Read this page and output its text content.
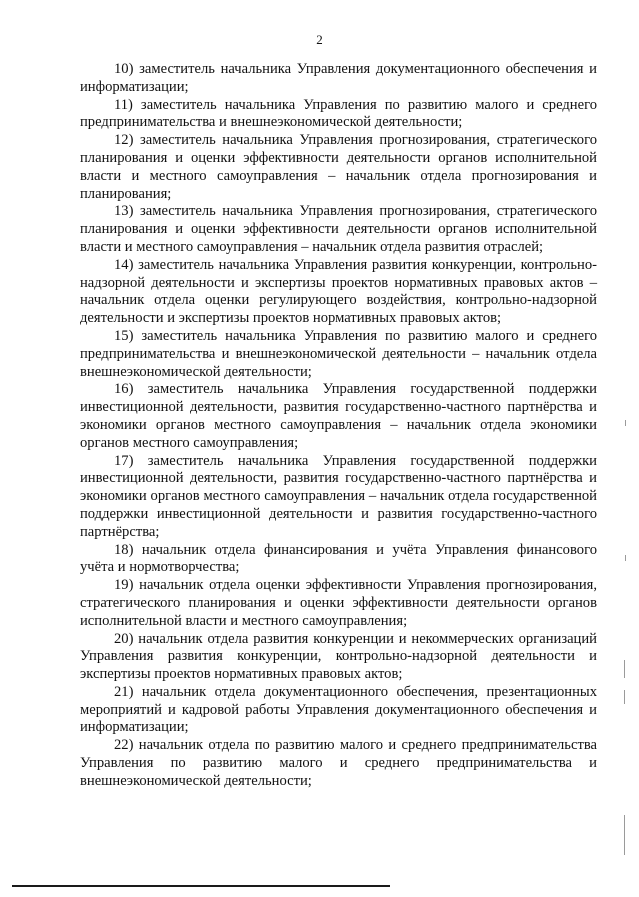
2

10) заместитель начальника Управления документационного обеспечения и информатизации;

11) заместитель начальника Управления по развитию малого и среднего предпринимательства и внешнеэкономической деятельности;

12) заместитель начальника Управления прогнозирования, стратегического планирования и оценки эффективности деятельности органов исполнительной власти и местного самоуправления – начальник отдела прогнозирования и планирования;

13) заместитель начальника Управления прогнозирования, стратегического планирования и оценки эффективности деятельности органов исполнительной власти и местного самоуправления – начальник отдела развития отраслей;

14) заместитель начальника Управления развития конкуренции, контрольно-надзорной деятельности и экспертизы проектов нормативных правовых актов – начальник отдела оценки регулирующего воздействия, контрольно-надзорной деятельности и экспертизы проектов нормативных правовых актов;

15) заместитель начальника Управления по развитию малого и среднего предпринимательства и внешнеэкономической деятельности – начальник отдела внешнеэкономической деятельности;

16) заместитель начальника Управления государственной поддержки инвестиционной деятельности, развития государственно-частного партнёрства и экономики органов местного самоуправления – начальник отдела экономики органов местного самоуправления;

17) заместитель начальника Управления государственной поддержки инвестиционной деятельности, развития государственно-частного партнёрства и экономики органов местного самоуправления – начальник отдела государственной поддержки инвестиционной деятельности и развития государственно-частного партнёрства;

18) начальник отдела финансирования и учёта Управления финансового учёта и нормотворчества;

19) начальник отдела оценки эффективности Управления прогнозирования, стратегического планирования и оценки эффективности деятельности органов исполнительной власти и местного самоуправления;

20) начальник отдела развития конкуренции и некоммерческих организаций Управления развития конкуренции, контрольно-надзорной деятельности и экспертизы проектов нормативных правовых актов;

21) начальник отдела документационного обеспечения, презентационных мероприятий и кадровой работы Управления документационного обеспечения и информатизации;

22) начальник отдела по развитию малого и среднего предпринимательства Управления по развитию малого и среднего предпринимательства и внешнеэкономической деятельности;
